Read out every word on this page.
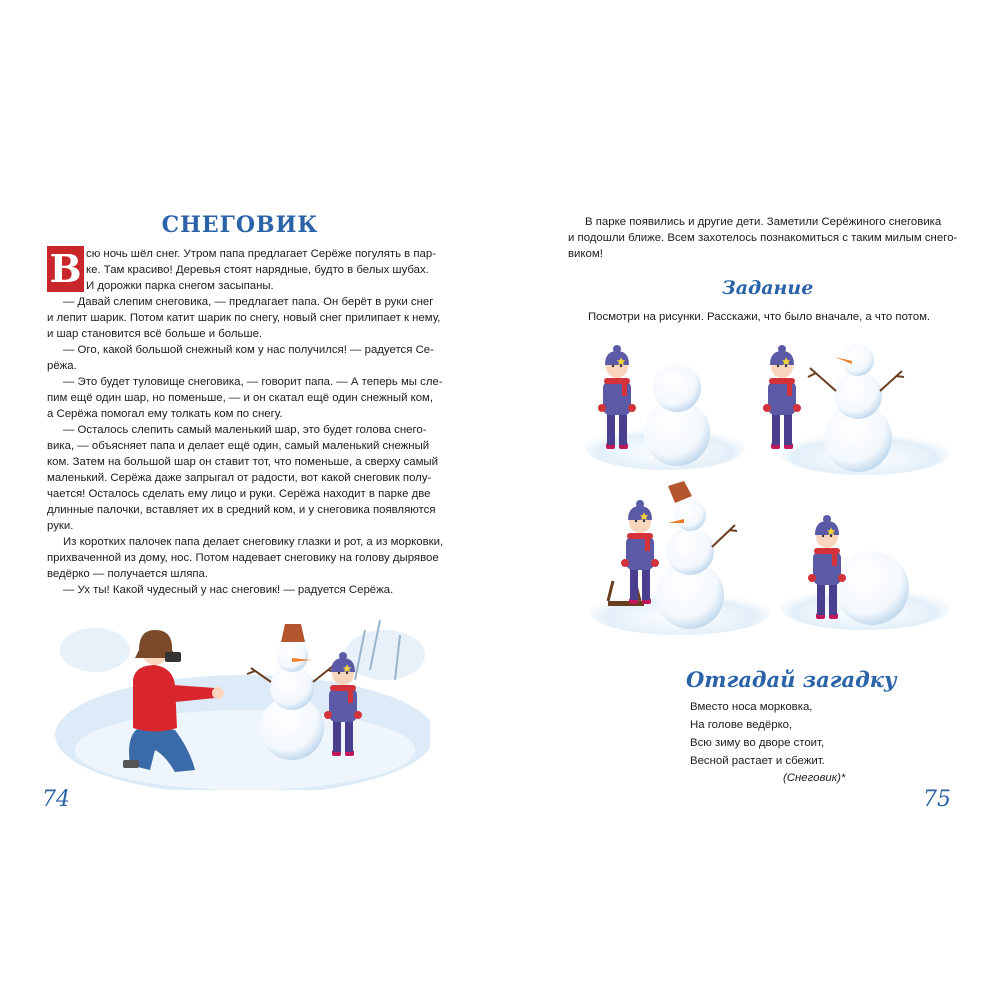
СНЕГОВИК
В сю ночь шёл снег. Утром папа предлагает Серёже погулять в пар-
ке. Там красиво! Деревья стоят нарядные, будто в белых шубах.
И дорожки парка снегом засыпаны.
— Давай слепим снеговика, — предлагает папа. Он берёт в руки снег
и лепит шарик. Потом катит шарик по снегу, новый снег прилипает к нему,
и шар становится всё больше и больше.
— Ого, какой большой снежный ком у нас получился! — радуется Се-
рёжа.
— Это будет туловище снеговика, — говорит папа. — А теперь мы сле-
пим ещё один шар, но поменьше, — и он скатал ещё один снежный ком,
а Серёжа помогал ему толкать ком по снегу.
— Осталось слепить самый маленький шар, это будет голова снего-
вика, — объясняет папа и делает ещё один, самый маленький снежный
ком. Затем на большой шар он ставит тот, что поменьше, а сверху самый
маленький. Серёжа даже запрыгал от радости, вот какой снеговик полу-
чается! Осталось сделать ему лицо и руки. Серёжа находит в парке две
длинные палочки, вставляет их в средний ком, и у снеговика появляются
руки.
Из коротких палочек папа делает снеговику глазки и рот, а из морковки,
прихваченной из дому, нос. Потом надевает снеговику на голову дырявое
ведёрко — получается шляпа.
— Ух ты! Какой чудесный у нас снеговик! — радуется Серёжа.
74
В парке появились и другие дети. Заметили Серёжиного снеговика
и подошли ближе. Всем захотелось познакомиться с таким милым снего-
виком!
Задание
Посмотри на рисунки. Расскажи, что было вначале, а что потом.
Отгадай загадку
Вместо носа морковка,
На голове ведёрко,
Всю зиму во дворе стоит,
Весной растает и сбежит.
(Снеговик)*
75
